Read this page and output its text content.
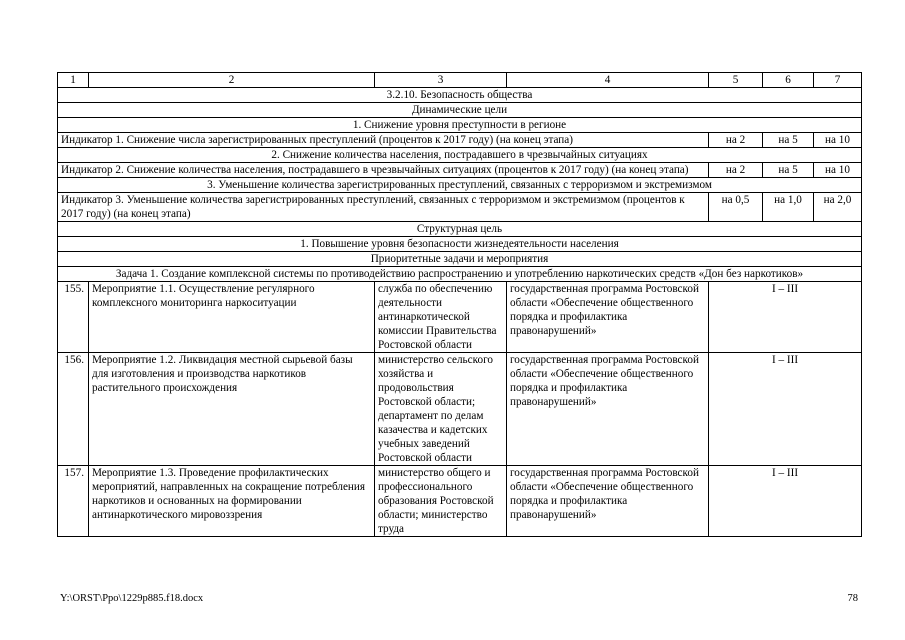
1	2	3	4	5	6	7
3.2.10. Безопасность общества						
Динамические цели						
1. Снижение уровня преступности в регионе						
Индикатор 1. Снижение числа зарегистрированных преступлений (процентов к 2017 году) (на конец этапа)				на 2	на 5	на 10
2. Снижение количества населения, пострадавшего в чрезвычайных ситуациях						
Индикатор 2. Снижение количества населения, пострадавшего в чрезвычайных ситуациях (процентов к 2017 году) (на конец этапа)				на 2	на 5	на 10
3. Уменьшение количества зарегистрированных преступлений, связанных с терроризмом и экстремизмом						
Индикатор 3. Уменьшение количества зарегистрированных преступлений, связанных с терроризмом и экстремизмом (процентов к 2017 году) (на конец этапа)				на 0,5	на 1,0	на 2,0
Структурная цель						
1. Повышение уровня безопасности жизнедеятельности населения						
Приоритетные задачи и мероприятия						
Задача 1. Создание комплексной системы по противодействию распространению и употреблению наркотических средств «Дон без наркотиков»						
155.	Мероприятие 1.1. Осуществление регулярного комплексного мониторинга наркоситуации	служба по обеспечению деятельности антинаркотической комиссии Правительства Ростовской области	государственная программа Ростовской области «Обеспечение общественного порядка и профилактика правонарушений»	I – III		
156.	Мероприятие 1.2. Ликвидация местной сырьевой базы для изготовления и производства наркотиков растительного происхождения	министерство сельского хозяйства и продовольствия Ростовской области; департамент по делам казачества и кадетских учебных заведений Ростовской области	государственная программа Ростовской области «Обеспечение общественного порядка и профилактика правонарушений»	I – III		
157.	Мероприятие 1.3. Проведение профилактических мероприятий, направленных на сокращение потребления наркотиков и основанных на формировании антинаркотического мировоззрения	министерство общего и профессионального образования Ростовской области; министерство труда	государственная программа Ростовской области «Обеспечение общественного порядка и профилактика правонарушений»	I – III		
Y:\ORST\Ppo\1229p885.f18.docx	78
